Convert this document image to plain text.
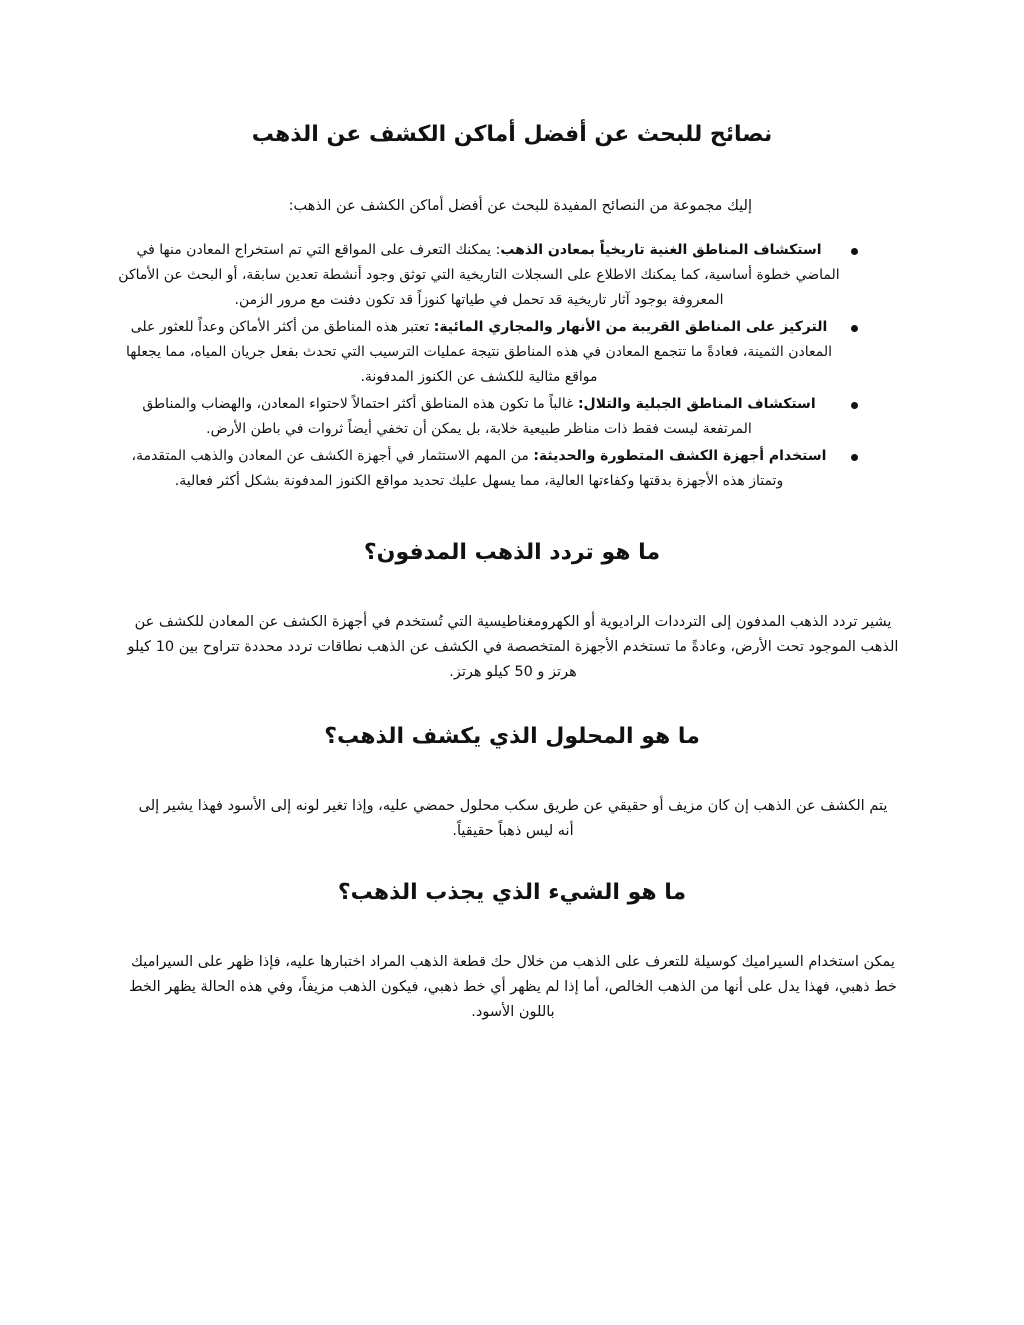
نصائح للبحث عن أفضل أماكن الكشف عن الذهب

إليك مجموعة من النصائح المفيدة للبحث عن أفضل أماكن الكشف عن الذهب:

استكشاف المناطق الغنية تاريخياً بمعادن الذهب: يمكنك التعرف على المواقع التي تم استخراج المعادن منها في الماضي خطوة أساسية، كما يمكنك الاطلاع على السجلات التاريخية التي توثق وجود أنشطة تعدين سابقة، أو البحث عن الأماكن المعروفة بوجود آثار تاريخية قد تحمل في طياتها كنوزاً قد تكون دفنت مع مرور الزمن.
التركيز على المناطق القريبة من الأنهار والمجاري المائية: تعتبر هذه المناطق من أكثر الأماكن وعداً للعثور على المعادن الثمينة، فعادةً ما تتجمع المعادن في هذه المناطق نتيجة عمليات الترسيب التي تحدث بفعل جريان المياه، مما يجعلها مواقع مثالية للكشف عن الكنوز المدفونة.
استكشاف المناطق الجبلية والتلال: غالباً ما تكون هذه المناطق أكثر احتمالاً لاحتواء المعادن، والهضاب والمناطق المرتفعة ليست فقط ذات مناظر طبيعية خلابة، بل يمكن أن تخفي أيضاً ثروات في باطن الأرض.
استخدام أجهزة الكشف المتطورة والحديثة: من المهم الاستثمار في أجهزة الكشف عن المعادن والذهب المتقدمة، وتمتاز هذه الأجهزة بدقتها وكفاءتها العالية، مما يسهل عليك تحديد مواقع الكنوز المدفونة بشكل أكثر فعالية.
ما هو تردد الذهب المدفون؟

يشير تردد الذهب المدفون إلى الترددات الراديوية أو الكهرومغناطيسية التي تُستخدم في أجهزة الكشف عن المعادن للكشف عن الذهب الموجود تحت الأرض، وعادةً ما تستخدم الأجهزة المتخصصة في الكشف عن الذهب نطاقات تردد محددة تتراوح بين 10 كيلو هرتز و 50 كيلو هرتز.

ما هو المحلول الذي يكشف الذهب؟

يتم الكشف عن الذهب إن كان مزيف أو حقيقي عن طريق سكب محلول حمضي عليه، وإذا تغير لونه إلى الأسود فهذا يشير إلى أنه ليس ذهباً حقيقياً.

ما هو الشيء الذي يجذب الذهب؟

يمكن استخدام السيراميك كوسيلة للتعرف على الذهب من خلال حك قطعة الذهب المراد اختبارها عليه، فإذا ظهر على السيراميك خط ذهبي، فهذا يدل على أنها من الذهب الخالص، أما إذا لم يظهر أي خط ذهبي، فيكون الذهب مزيفاً، وفي هذه الحالة يظهر الخط باللون الأسود.
